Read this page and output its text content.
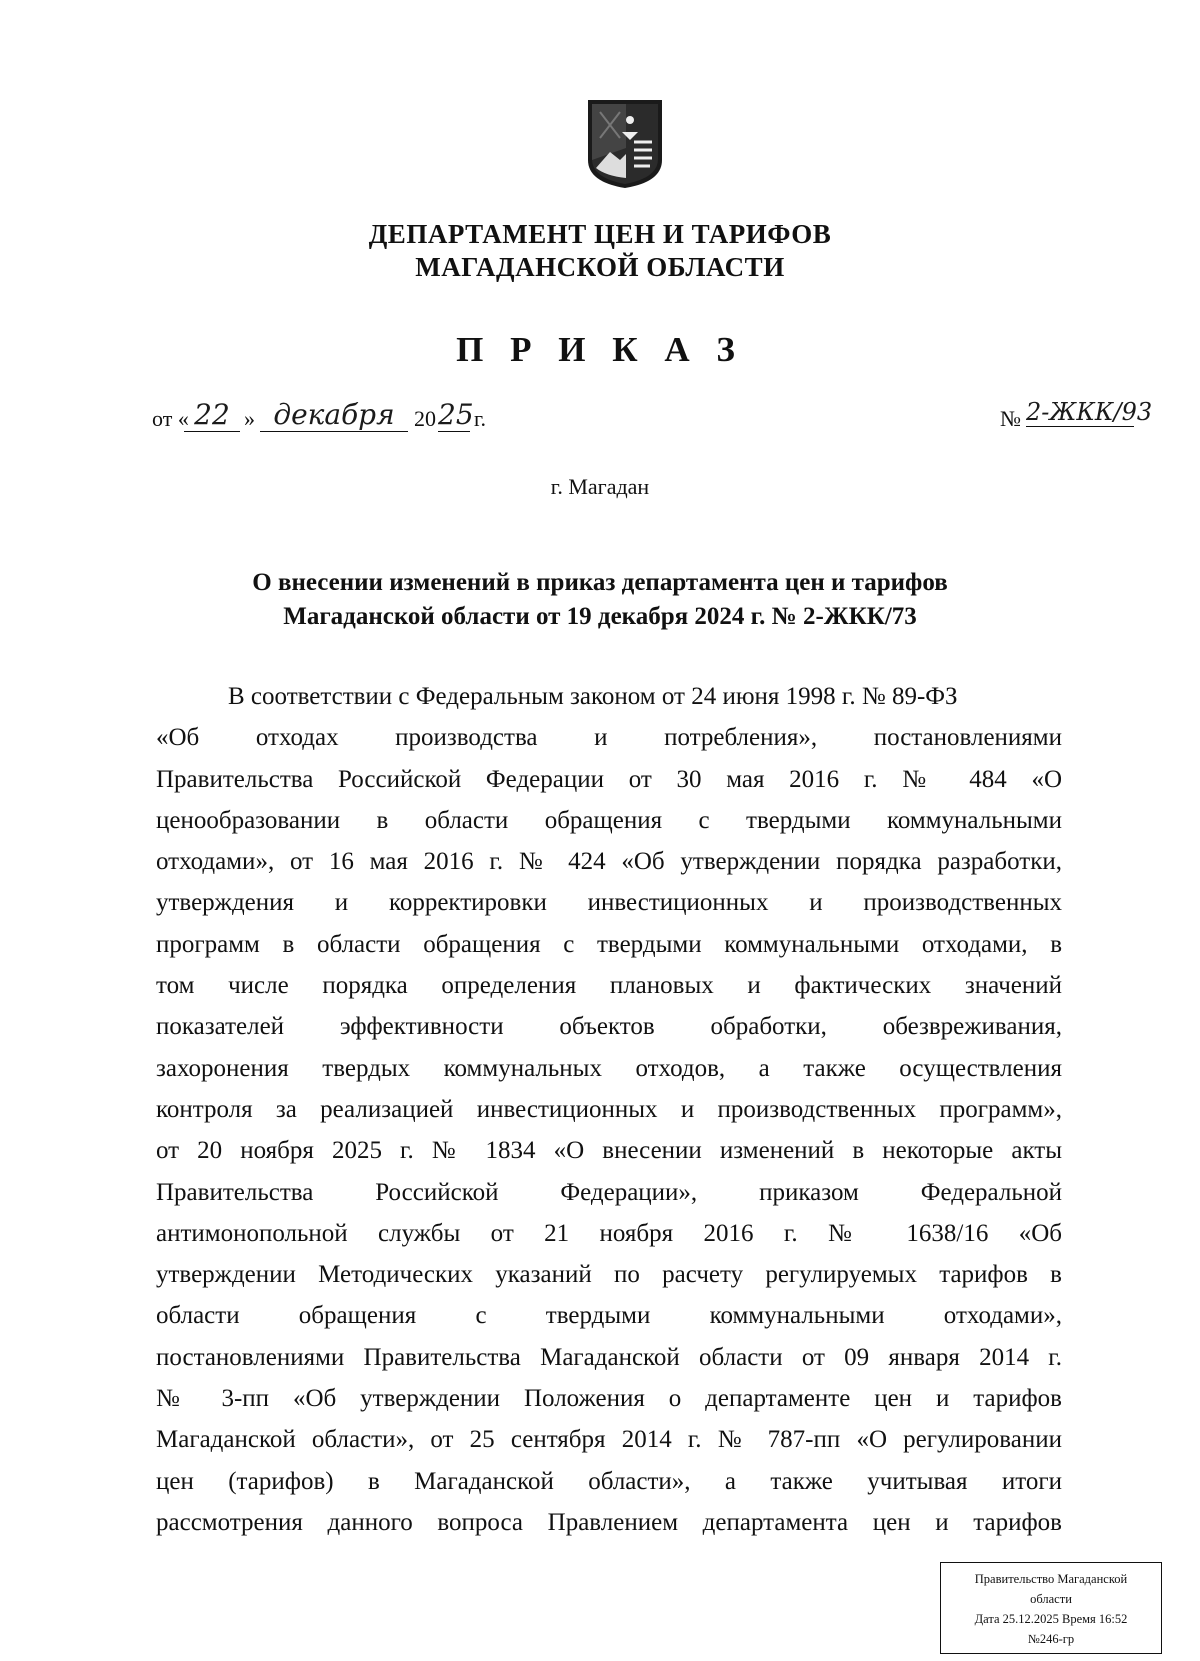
ДЕПАРТАМЕНТ ЦЕН И ТАРИФОВ
МАГАДАНСКОЙ ОБЛАСТИ
П Р И К А З
от « 22 » декабря 20 25 г.	№ 2-ЖКК/93
г. Магадан
О внесении изменений в приказ департамента цен и тарифов
Магаданской области от 19 декабря 2024 г. № 2-ЖКК/73
В соответствии с Федеральным законом от 24 июня 1998 г. № 89-ФЗ
«Об отходах производства и потребления», постановлениями
Правительства Российской Федерации от 30 мая 2016 г. № 484 «О
ценообразовании в области обращения с твердыми коммунальными
отходами», от 16 мая 2016 г. № 424 «Об утверждении порядка разработки,
утверждения и корректировки инвестиционных и производственных
программ в области обращения с твердыми коммунальными отходами, в
том числе порядка определения плановых и фактических значений
показателей эффективности объектов обработки, обезвреживания,
захоронения твердых коммунальных отходов, а также осуществления
контроля за реализацией инвестиционных и производственных программ»,
от 20 ноября 2025 г. № 1834 «О внесении изменений в некоторые акты
Правительства Российской Федерации», приказом Федеральной
антимонопольной службы от 21 ноября 2016 г. № 1638/16 «Об
утверждении Методических указаний по расчету регулируемых тарифов в
области обращения с твердыми коммунальными отходами»,
постановлениями Правительства Магаданской области от 09 января 2014 г.
№ 3-пп «Об утверждении Положения о департаменте цен и тарифов
Магаданской области», от 25 сентября 2014 г. № 787-пп «О регулировании
цен (тарифов) в Магаданской области», а также учитывая итоги
рассмотрения данного вопроса Правлением департамента цен и тарифов
Правительство Магаданской
области
Дата 25.12.2025 Время 16:52
№246-гр
